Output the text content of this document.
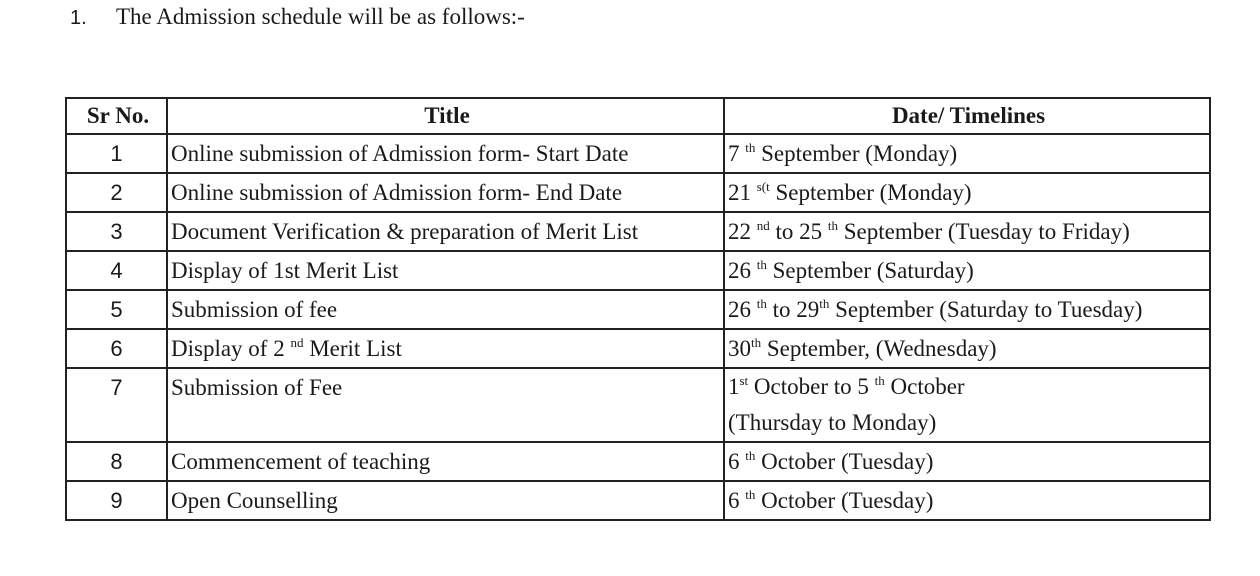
1. The Admission schedule will be as follows:-
Sr No.	Title	Date/ Timelines
1	Online submission of Admission form- Start Date	7 $^{th}$ September (Monday)

2	Online submission of Admission form- End Date	21 $^{s(t}$ September (Monday)

3	Document Verification & preparation of Merit List	22 $^{nd}$ to 25 $^{th}$ September (Tuesday to Friday)

4	Display of 1st Merit List	26 $^{th}$ September (Saturday)

5	Submission of fee	26 $^{th}$ to 29th September (Saturday to Tuesday)

6	Display of 2 $^{nd}$ Merit List	30th September, (Wednesday)

7	Submission of Fee	1st October to 5 $^{th}$ October
(Thursday to Monday)

8	Commencement of teaching	6 $^{th}$ October (Tuesday)

9	Open Counselling	6 $^{th}$ October (Tuesday)
